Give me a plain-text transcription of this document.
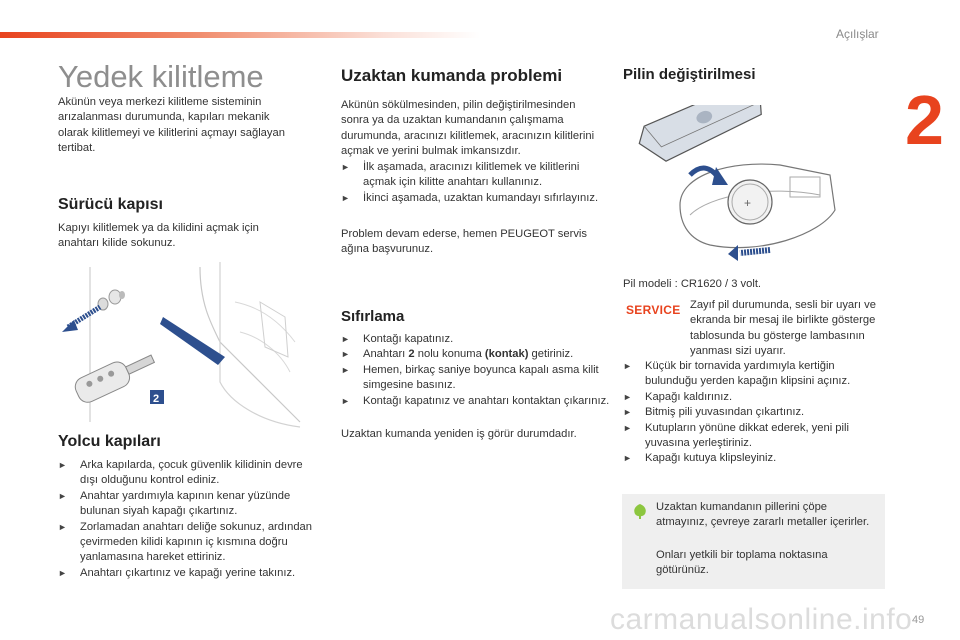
Açılışlar
2
Yedek kilitleme

Akünün veya merkezi kilitleme sisteminin arızalanması durumunda, kapıları mekanik olarak kilitlemeyi ve kilitlerini açmayı sağlayan tertibat.

Sürücü kapısı

Kapıyı kilitlemek ya da kilidini açmak için anahtarı kilide sokunuz.

2
Yolcu kapıları
► Arka kapılarda, çocuk güvenlik kilidinin devre dışı olduğunu kontrol ediniz.
► Anahtar yardımıyla kapının kenar yüzünde bulunan siyah kapağı çıkartınız.
► Zorlamadan anahtarı deliğe sokunuz, ardından çevirmeden kilidi kapının iç kısmına doğru yanlamasına hareket ettiriniz.
► Anahtarı çıkartınız ve kapağı yerine takınız.
Uzaktan kumanda problemi

Akünün sökülmesinden, pilin değiştirilmesinden sonra ya da uzaktan kumandanın çalışmama durumunda, aracınızı kilitlemek, aracınızın kilitlerini açmak ve yerini bulmak imkansızdır.

► İlk aşamada, aracınızı kilitlemek ve kilitlerini açmak için kilitte anahtarı kullanınız.
► İkinci aşamada, uzaktan kumandayı sıfırlayınız.

Problem devam ederse, hemen PEUGEOT servis ağına başvurunuz.

Sıfırlama
► Kontağı kapatınız.
► Anahtarı 2 nolu konuma (kontak) getiriniz.
► Hemen, birkaç saniye boyunca kapalı asma kilit simgesine basınız.
► Kontağı kapatınız ve anahtarı kontaktan çıkarınız.

Uzaktan kumanda yeniden iş görür durumdadır.

Pilin değiştirilmesi
+

Pil modeli : CR1620 / 3 volt.

SERVICE Zayıf pil durumunda, sesli bir uyarı ve ekranda bir mesaj ile birlikte gösterge tablosunda bu gösterge lambasının yanması sizi uyarır.

► Küçük bir tornavida yardımıyla kertiğin bulunduğu yerden kapağın klipsini açınız.
► Kapağı kaldırınız.
► Bitmiş pili yuvasından çıkartınız.
► Kutupların yönüne dikkat ederek, yeni pili yuvasına yerleştiriniz.
► Kapağı kutuya klipsleyiniz.

Uzaktan kumandanın pillerini çöpe atmayınız, çevreye zararlı metaller içerirler.

Onları yetkili bir toplama noktasına götürünüz.

carmanualsonline.info 49
